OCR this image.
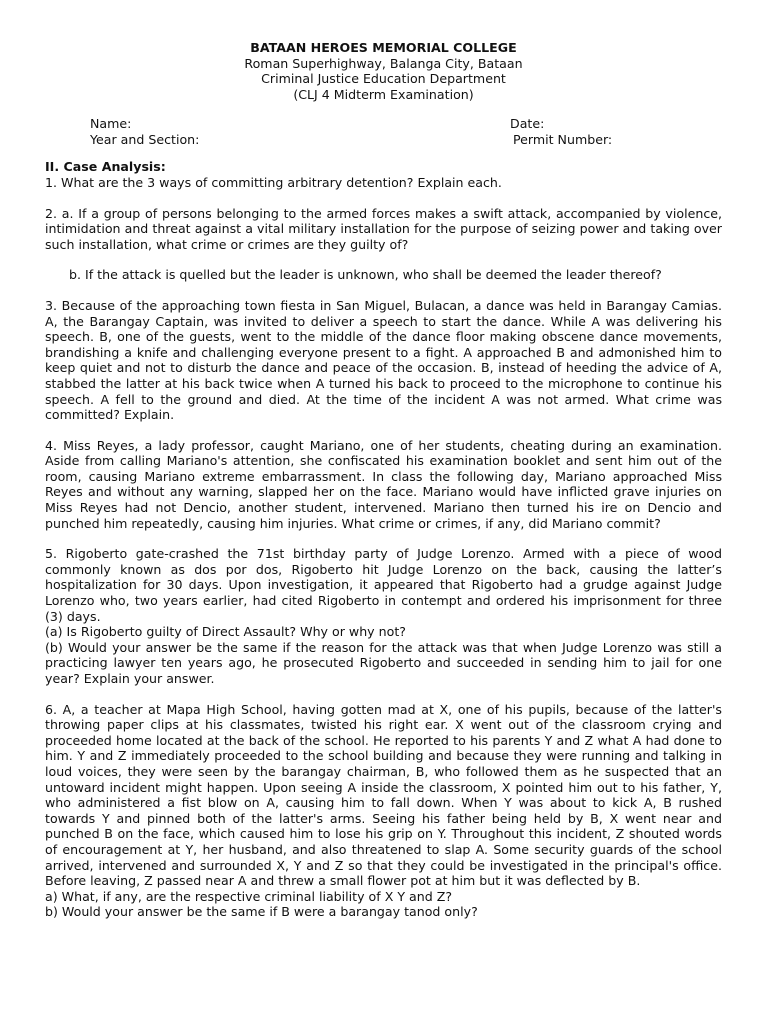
BATAAN HEROES MEMORIAL COLLEGE
Roman Superhighway, Balanga City, Bataan
Criminal Justice Education Department
(CLJ 4 Midterm Examination)
Name:	Date:
Year and Section:	Permit Number:
II. Case Analysis:

1. What are the 3 ways of committing arbitrary detention? Explain each.

2. a. If a group of persons belonging to the armed forces makes a swift attack, accompanied by violence, intimidation and threat against a vital military installation for the purpose of seizing power and taking over such installation, what crime or crimes are they guilty of?

b. If the attack is quelled but the leader is unknown, who shall be deemed the leader thereof?

3. Because of the approaching town fiesta in San Miguel, Bulacan, a dance was held in Barangay Camias. A, the Barangay Captain, was invited to deliver a speech to start the dance. While A was delivering his speech. B, one of the guests, went to the middle of the dance floor making obscene dance movements, brandishing a knife and challenging everyone present to a fight. A approached B and admonished him to keep quiet and not to disturb the dance and peace of the occasion. B, instead of heeding the advice of A, stabbed the latter at his back twice when A turned his back to proceed to the microphone to continue his speech. A fell to the ground and died. At the time of the incident A was not armed. What crime was committed? Explain.

4. Miss Reyes, a lady professor, caught Mariano, one of her students, cheating during an examination. Aside from calling Mariano's attention, she confiscated his examination booklet and sent him out of the room, causing Mariano extreme embarrassment. In class the following day, Mariano approached Miss Reyes and without any warning, slapped her on the face. Mariano would have inflicted grave injuries on Miss Reyes had not Dencio, another student, intervened. Mariano then turned his ire on Dencio and punched him repeatedly, causing him injuries. What crime or crimes, if any, did Mariano commit?

5. Rigoberto gate-crashed the 71st birthday party of Judge Lorenzo. Armed with a piece of wood commonly known as dos por dos, Rigoberto hit Judge Lorenzo on the back, causing the latter’s hospitalization for 30 days. Upon investigation, it appeared that Rigoberto had a grudge against Judge Lorenzo who, two years earlier, had cited Rigoberto in contempt and ordered his imprisonment for three (3) days.

(a) Is Rigoberto guilty of Direct Assault? Why or why not?

(b) Would your answer be the same if the reason for the attack was that when Judge Lorenzo was still a practicing lawyer ten years ago, he prosecuted Rigoberto and succeeded in sending him to jail for one year? Explain your answer.

6. A, a teacher at Mapa High School, having gotten mad at X, one of his pupils, because of the latter's throwing paper clips at his classmates, twisted his right ear. X went out of the classroom crying and proceeded home located at the back of the school. He reported to his parents Y and Z what A had done to him. Y and Z immediately proceeded to the school building and because they were running and talking in loud voices, they were seen by the barangay chairman, B, who followed them as he suspected that an untoward incident might happen. Upon seeing A inside the classroom, X pointed him out to his father, Y, who administered a fist blow on A, causing him to fall down. When Y was about to kick A, B rushed towards Y and pinned both of the latter's arms. Seeing his father being held by B, X went near and punched B on the face, which caused him to lose his grip on Y. Throughout this incident, Z shouted words of encouragement at Y, her husband, and also threatened to slap A. Some security guards of the school arrived, intervened and surrounded X, Y and Z so that they could be investigated in the principal's office. Before leaving, Z passed near A and threw a small flower pot at him but it was deflected by B.

a) What, if any, are the respective criminal liability of X Y and Z?

b) Would your answer be the same if B were a barangay tanod only?
